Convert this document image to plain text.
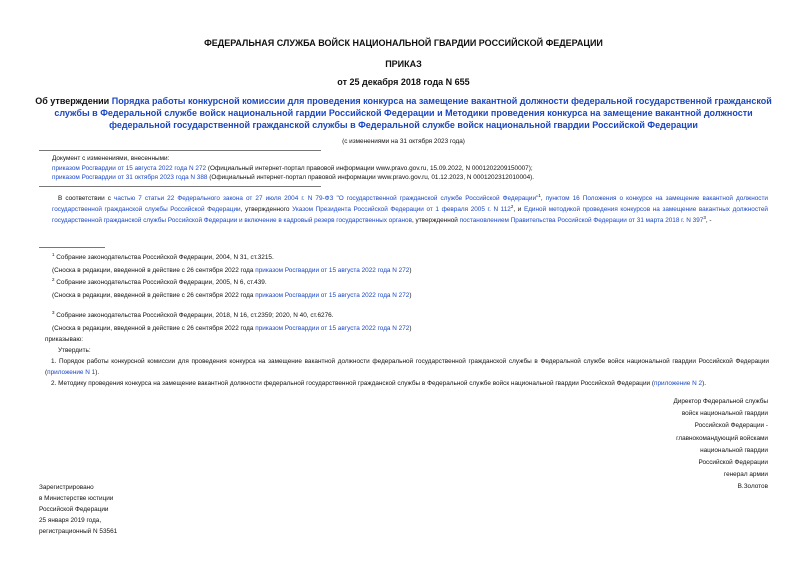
ФЕДЕРАЛЬНАЯ СЛУЖБА ВОЙСК НАЦИОНАЛЬНОЙ ГВАРДИИ РОССИЙСКОЙ ФЕДЕРАЦИИ
ПРИКАЗ
от 25 декабря 2018 года N 655
Об утверждении Порядка работы конкурсной комиссии для проведения конкурса на замещение вакантной должности федеральной государственной гражданской службы в Федеральной службе войск национальной гардии Российской Федерации и Методики проведения конкурса на замещение вакантной должности федеральной государственной гражданской службы в Федеральной службе войск национальной гвардии Российской Федерации
(с изменениями на 31 октября 2023 года)
Документ с изменениями, внесенными:
приказом Росгвардии от 15 августа 2022 года N 272 (Официальный интернет-портал правовой информации www.pravo.gov.ru, 15.09.2022, N 0001202209150007);
приказом Росгвардии от 31 октября 2023 года N 388 (Официальный интернет-портал правовой информации www.pravo.gov.ru, 01.12.2023, N 0001202312010004).
В соответствии с частью 7 статьи 22 Федерального закона от 27 июля 2004 г. N 79-ФЗ "О государственной гражданской службе Российской Федерации"$^1$, пунктом 16 Положения о конкурсе на замещение вакантной должности государственной гражданской службы Российской Федерации, утвержденного Указом Президента Российской Федерации от 1 февраля 2005 г. N $112^2$, и Единой методикой проведения конкурсов на замещение вакантных должностей государственной гражданской службы Российской Федерации и включение в кадровый резерв государственных органов, утвержденной постановлением Правительства Российской Федерации от 31 марта 2018 г. N $397^3$, -
$^1$ Собрание законодательства Российской Федерации, 2004, N 31, ст.3215.
(Сноска в редакции, введенной в действие с 26 сентября 2022 года приказом Росгвардии от 15 августа 2022 года N 272)
$^2$ Собрание законодательства Российской Федерации, 2005, N 6, ст.439.
(Сноска в редакции, введенной в действие с 26 сентября 2022 года приказом Росгвардии от 15 августа 2022 года N 272)
$^3$ Собрание законодательства Российской Федерации, 2018, N 16, ст.2359; 2020, N 40, ст.6276.
(Сноска в редакции, введенной в действие с 26 сентября 2022 года приказом Росгвардии от 15 августа 2022 года N 272)
приказываю:
Утвердить:
1. Порядок работы конкурсной комиссии для проведения конкурса на замещение вакантной должности федеральной государственной гражданской службы в Федеральной службе войск национальной гвардии Российской Федерации (приложение N 1).
2. Методику проведения конкурса на замещение вакантной должности федеральной государственной гражданской службы в Федеральной службе войск национальной гвардии Российской Федерации (приложение N 2).
Директор Федеральной службы
войск национальной гвардии
Российской Федерации -
главнокомандующий войсками
национальной гвардии
Российской Федерации
генерал армии
В.Золотов
Зарегистрировано
в Министерстве юстиции
Российской Федерации
25 января 2019 года,
регистрационный N 53561
